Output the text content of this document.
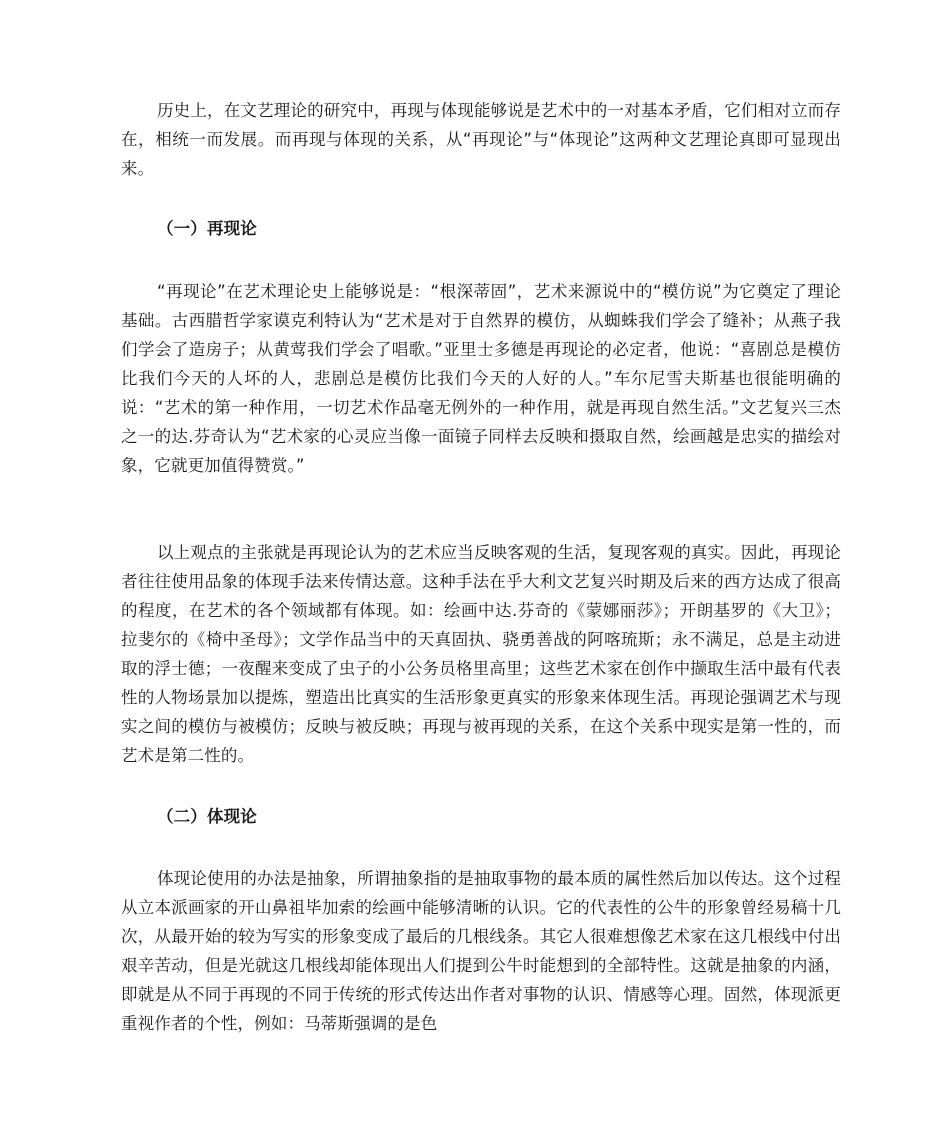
历史上，在文艺理论的研究中，再现与体现能够说是艺术中的一对基本矛盾，它们相对立而存在，相统一而发展。而再现与体现的关系，从“再现论”与“体现论”这两种文艺理论真即可显现出来。

（一）再现论

“再现论”在艺术理论史上能够说是：“根深蒂固”，艺术来源说中的“模仿说”为它奠定了理论基础。古西腊哲学家谟克利特认为“艺术是对于自然界的模仿，从蜘蛛我们学会了缝补；从燕子我们学会了造房子；从黄莺我们学会了唱歌。”亚里士多德是再现论的必定者，他说：“喜剧总是模仿比我们今天的人坏的人，悲剧总是模仿比我们今天的人好的人。”车尔尼雪夫斯基也很能明确的说：“艺术的第一种作用，一切艺术作品毫无例外的一种作用，就是再现自然生活。”文艺复兴三杰之一的达.芬奇认为“艺术家的心灵应当像一面镜子同样去反映和摄取自然，绘画越是忠实的描绘对象，它就更加值得赞赏。”

以上观点的主张就是再现论认为的艺术应当反映客观的生活，复现客观的真实。因此，再现论者往往使用品象的体现手法来传情达意。这种手法在乎大利文艺复兴时期及后来的西方达成了很高的程度，在艺术的各个领域都有体现。如：绘画中达.芬奇的《蒙娜丽莎》；开朗基罗的《大卫》；拉斐尔的《椅中圣母》；文学作品当中的天真固执、骁勇善战的阿喀琉斯；永不满足，总是主动进取的浮士德；一夜醒来变成了虫子的小公务员格里高里；这些艺术家在创作中撷取生活中最有代表性的人物场景加以提炼，塑造出比真实的生活形象更真实的形象来体现生活。再现论强调艺术与现实之间的模仿与被模仿；反映与被反映；再现与被再现的关系，在这个关系中现实是第一性的，而艺术是第二性的。

（二）体现论

体现论使用的办法是抽象，所谓抽象指的是抽取事物的最本质的属性然后加以传达。这个过程从立本派画家的开山鼻祖毕加索的绘画中能够清晰的认识。它的代表性的公牛的形象曾经易稿十几次，从最开始的较为写实的形象变成了最后的几根线条。其它人很难想像艺术家在这几根线中付出艰辛苦动，但是光就这几根线却能体现出人们提到公牛时能想到的全部特性。这就是抽象的内涵，即就是从不同于再现的不同于传统的形式传达出作者对事物的认识、情感等心理。固然，体现派更重视作者的个性，例如：马蒂斯强调的是色
